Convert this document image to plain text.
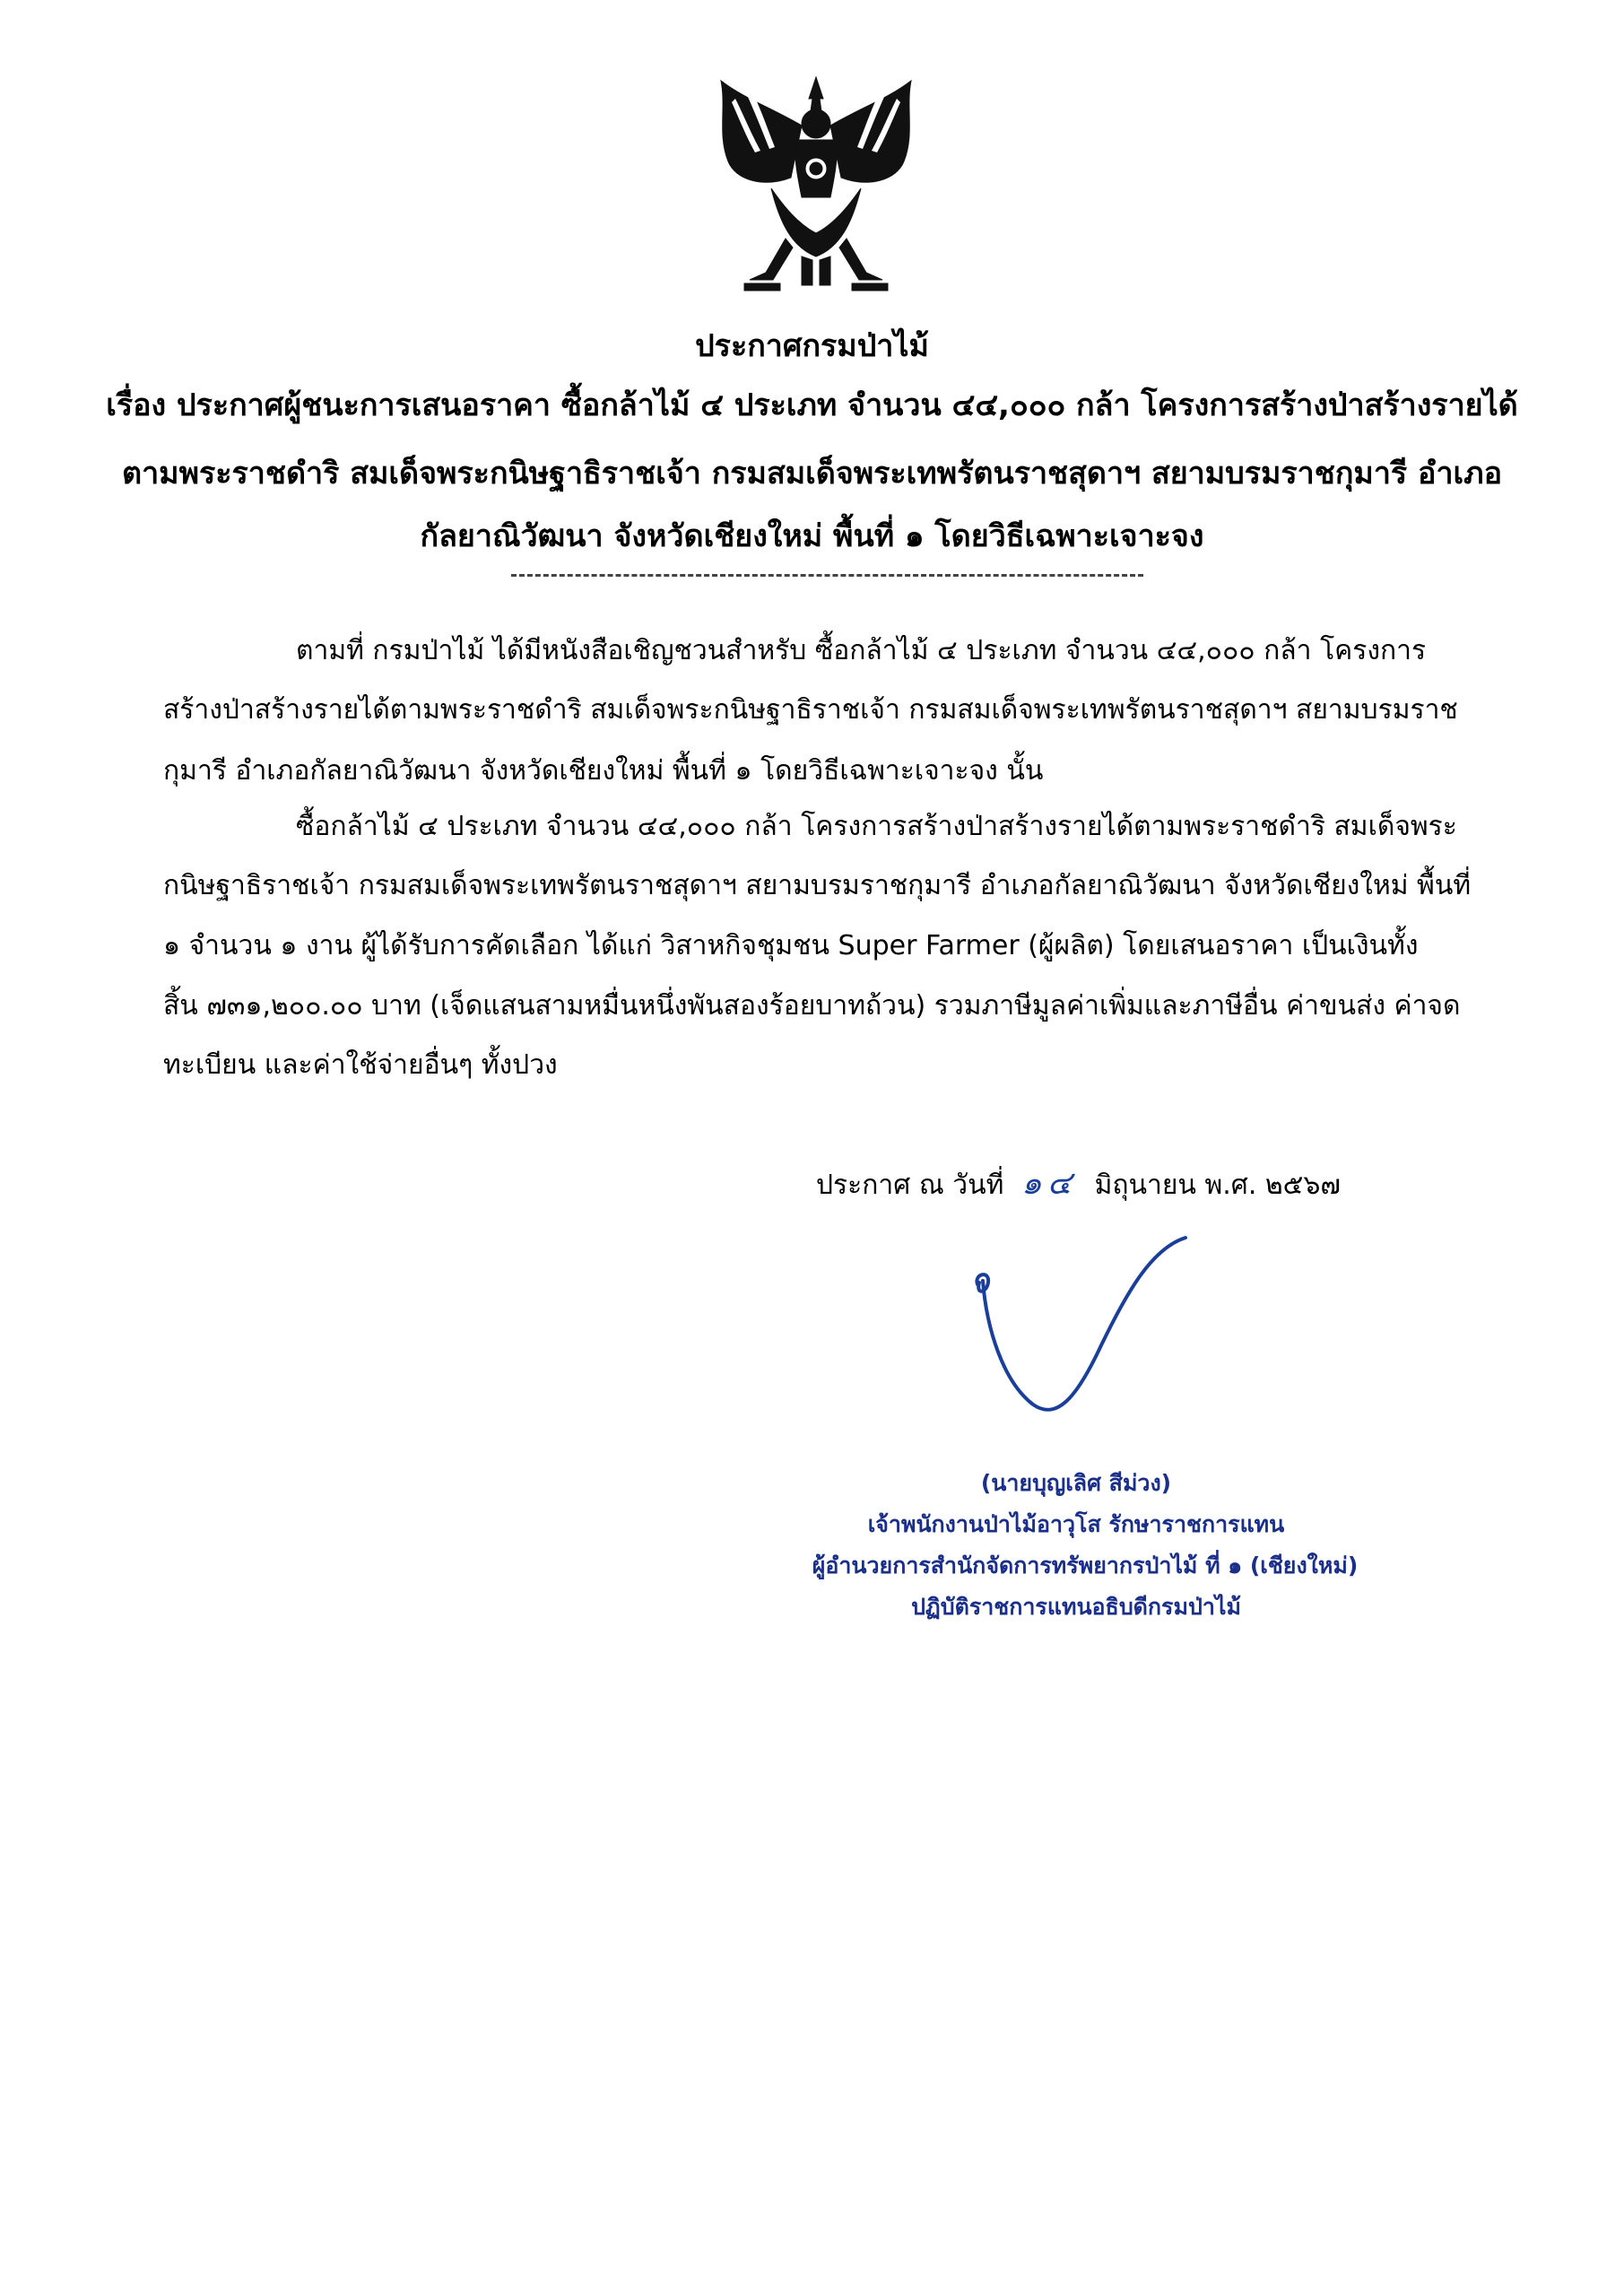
ประกาศกรมป่าไม้
เรื่อง ประกาศผู้ชนะการเสนอราคา ซื้อกล้าไม้ ๔ ประเภท จำนวน ๔๔,๐๐๐ กล้า โครงการสร้างป่าสร้างรายได้
ตามพระราชดำริ สมเด็จพระกนิษฐาธิราชเจ้า กรมสมเด็จพระเทพรัตนราชสุดาฯ สยามบรมราชกุมารี อำเภอ
กัลยาณิวัฒนา จังหวัดเชียงใหม่ พื้นที่ ๑ โดยวิธีเฉพาะเจาะจง
ตามที่ กรมป่าไม้ ได้มีหนังสือเชิญชวนสำหรับ ซื้อกล้าไม้ ๔ ประเภท จำนวน ๔๔,๐๐๐ กล้า โครงการ
สร้างป่าสร้างรายได้ตามพระราชดำริ สมเด็จพระกนิษฐาธิราชเจ้า กรมสมเด็จพระเทพรัตนราชสุดาฯ สยามบรมราช
กุมารี อำเภอกัลยาณิวัฒนา จังหวัดเชียงใหม่ พื้นที่ ๑ โดยวิธีเฉพาะเจาะจง นั้น
ซื้อกล้าไม้ ๔ ประเภท จำนวน ๔๔,๐๐๐ กล้า โครงการสร้างป่าสร้างรายได้ตามพระราชดำริ สมเด็จพระ
กนิษฐาธิราชเจ้า กรมสมเด็จพระเทพรัตนราชสุดาฯ สยามบรมราชกุมารี อำเภอกัลยาณิวัฒนา จังหวัดเชียงใหม่ พื้นที่
๑ จำนวน ๑ งาน ผู้ได้รับการคัดเลือก ได้แก่ วิสาหกิจชุมชน Super Farmer (ผู้ผลิต) โดยเสนอราคา เป็นเงินทั้ง
สิ้น ๗๓๑,๒๐๐.๐๐ บาท (เจ็ดแสนสามหมื่นหนึ่งพันสองร้อยบาทถ้วน) รวมภาษีมูลค่าเพิ่มและภาษีอื่น ค่าขนส่ง ค่าจด
ทะเบียน และค่าใช้จ่ายอื่นๆ ทั้งปวง
ประกาศ ณ วันที่ ๑๔ มิถุนายน พ.ศ. ๒๕๖๗
(นายบุญเลิศ สีม่วง)
เจ้าพนักงานป่าไม้อาวุโส รักษาราชการแทน
ผู้อำนวยการสำนักจัดการทรัพยากรป่าไม้ ที่ ๑ (เชียงใหม่)
ปฏิบัติราชการแทนอธิบดีกรมป่าไม้
